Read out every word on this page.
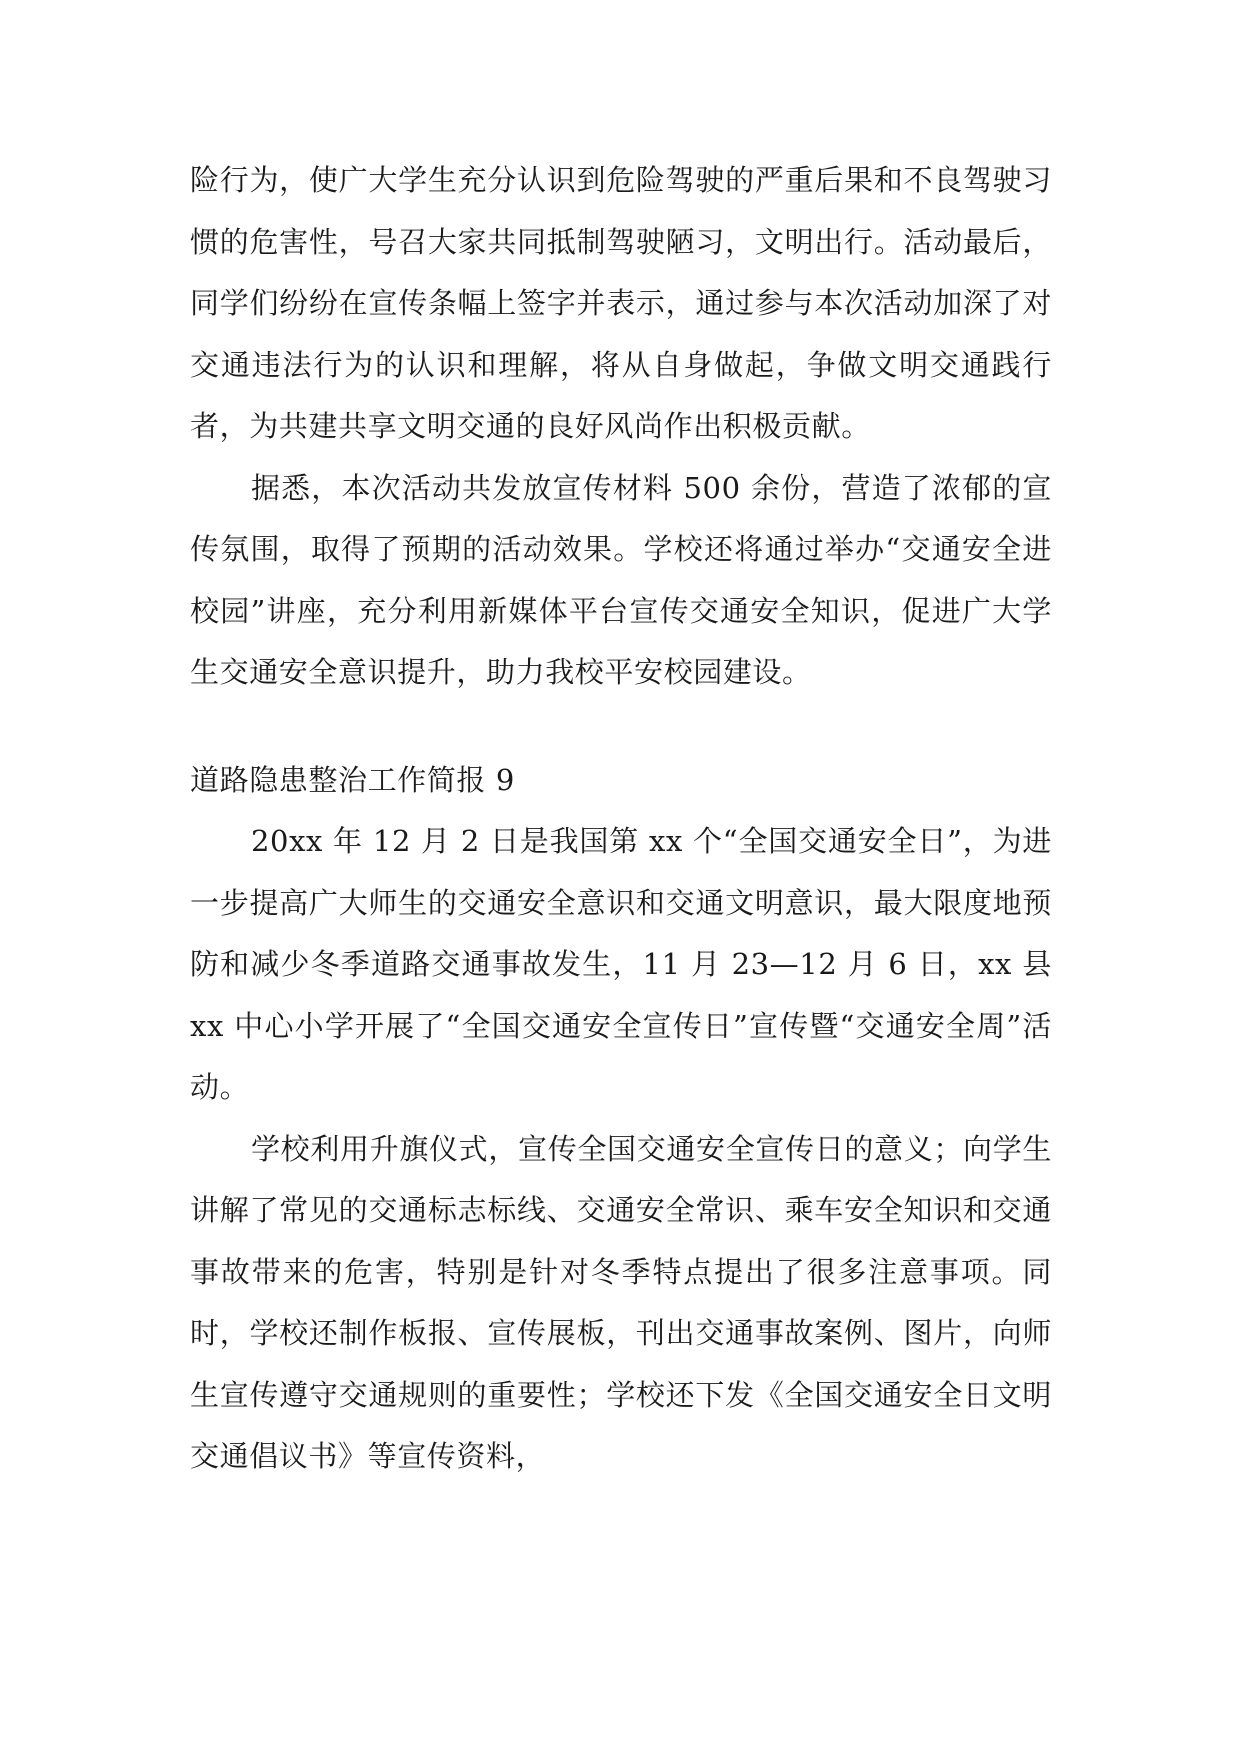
险行为，使广大学生充分认识到危险驾驶的严重后果和不良驾驶习惯的危害性，号召大家共同抵制驾驶陋习，文明出行。活动最后，同学们纷纷在宣传条幅上签字并表示，通过参与本次活动加深了对交通违法行为的认识和理解，将从自身做起，争做文明交通践行者，为共建共享文明交通的良好风尚作出积极贡献。

据悉，本次活动共发放宣传材料 500 余份，营造了浓郁的宣传氛围，取得了预期的活动效果。学校还将通过举办“交通安全进校园”讲座，充分利用新媒体平台宣传交通安全知识，促进广大学生交通安全意识提升，助力我校平安校园建设。

道路隐患整治工作简报 9

20xx 年 12 月 2 日是我国第 xx 个“全国交通安全日”，为进一步提高广大师生的交通安全意识和交通文明意识，最大限度地预防和减少冬季道路交通事故发生，11 月 23—12 月 6 日，xx 县 xx 中心小学开展了“全国交通安全宣传日”宣传暨“交通安全周”活动。

学校利用升旗仪式，宣传全国交通安全宣传日的意义；向学生讲解了常见的交通标志标线、交通安全常识、乘车安全知识和交通事故带来的危害，特别是针对冬季特点提出了很多注意事项。同时，学校还制作板报、宣传展板，刊出交通事故案例、图片，向师生宣传遵守交通规则的重要性；学校还下发《全国交通安全日文明交通倡议书》等宣传资料，
